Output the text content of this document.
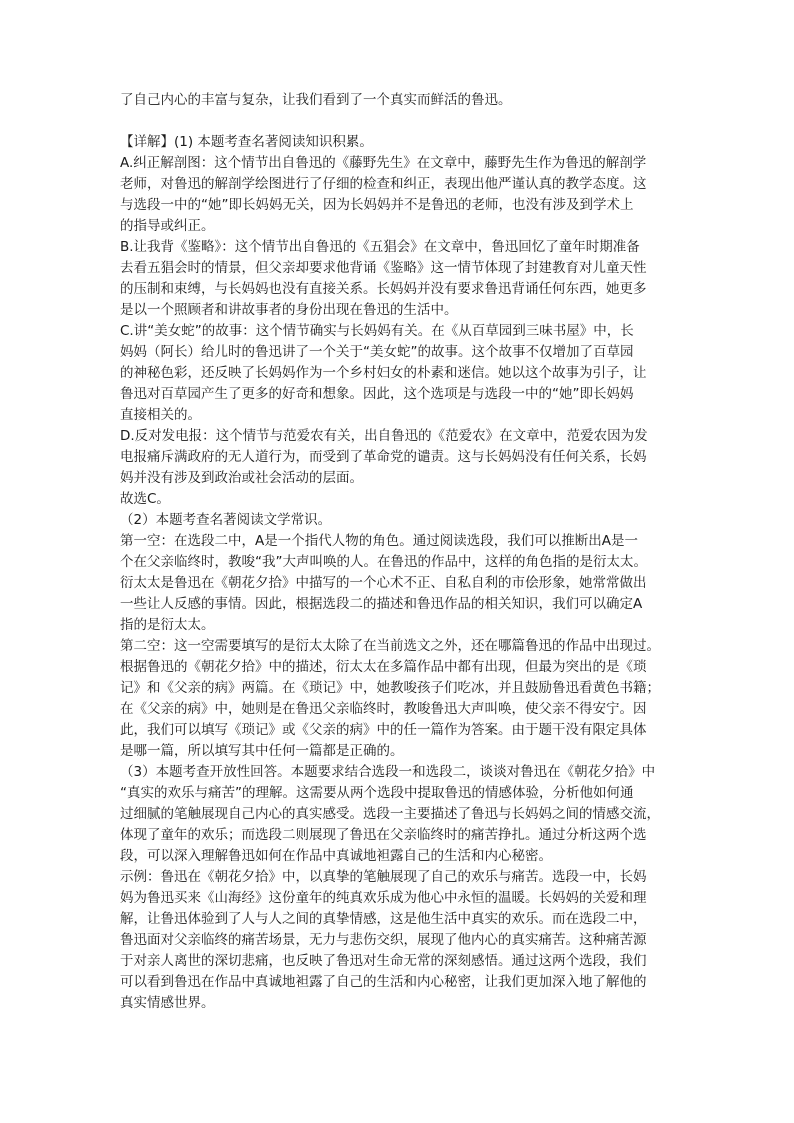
了自己内心的丰富与复杂，让我们看到了一个真实而鲜活的鲁迅。
【详解】(1) 本题考查名著阅读知识积累。
A.纠正解剖图：这个情节出自鲁迅的《藤野先生》在文章中，藤野先生作为鲁迅的解剖学
老师，对鲁迅的解剖学绘图进行了仔细的检查和纠正，表现出他严谨认真的教学态度。这
与选段一中的“她”即长妈妈无关，因为长妈妈并不是鲁迅的老师，也没有涉及到学术上
的指导或纠正。
B.让我背《鉴略》：这个情节出自鲁迅的《五猖会》在文章中，鲁迅回忆了童年时期准备
去看五猖会时的情景，但父亲却要求他背诵《鉴略》这一情节体现了封建教育对儿童天性
的压制和束缚，与长妈妈也没有直接关系。长妈妈并没有要求鲁迅背诵任何东西，她更多
是以一个照顾者和讲故事者的身份出现在鲁迅的生活中。
C.讲“美女蛇”的故事：这个情节确实与长妈妈有关。在《从百草园到三味书屋》中，长
妈妈（阿长）给儿时的鲁迅讲了一个关于“美女蛇”的故事。这个故事不仅增加了百草园
的神秘色彩，还反映了长妈妈作为一个乡村妇女的朴素和迷信。她以这个故事为引子，让
鲁迅对百草园产生了更多的好奇和想象。因此，这个选项是与选段一中的“她”即长妈妈
直接相关的。
D.反对发电报：这个情节与范爱农有关，出自鲁迅的《范爱农》在文章中，范爱农因为发
电报痛斥满政府的无人道行为，而受到了革命党的谴责。这与长妈妈没有任何关系，长妈
妈并没有涉及到政治或社会活动的层面。
故选C。
（2）本题考查名著阅读文学常识。
第一空：在选段二中，A是一个指代人物的角色。通过阅读选段，我们可以推断出A是一
个在父亲临终时，教唆“我”大声叫唤的人。在鲁迅的作品中，这样的角色指的是衍太太。
衍太太是鲁迅在《朝花夕拾》中描写的一个心术不正、自私自利的市侩形象，她常常做出
一些让人反感的事情。因此，根据选段二的描述和鲁迅作品的相关知识，我们可以确定A
指的是衍太太。
第二空：这一空需要填写的是衍太太除了在当前选文之外，还在哪篇鲁迅的作品中出现过。
根据鲁迅的《朝花夕拾》中的描述，衍太太在多篇作品中都有出现，但最为突出的是《琐
记》和《父亲的病》两篇。在《琐记》中，她教唆孩子们吃冰，并且鼓励鲁迅看黄色书籍；
在《父亲的病》中，她则是在鲁迅父亲临终时，教唆鲁迅大声叫唤，使父亲不得安宁。因
此，我们可以填写《琐记》或《父亲的病》中的任一篇作为答案。由于题干没有限定具体
是哪一篇，所以填写其中任何一篇都是正确的。
（3）本题考查开放性回答。本题要求结合选段一和选段二，谈谈对鲁迅在《朝花夕拾》中
“真实的欢乐与痛苦”的理解。这需要从两个选段中提取鲁迅的情感体验，分析他如何通
过细腻的笔触展现自己内心的真实感受。选段一主要描述了鲁迅与长妈妈之间的情感交流，
体现了童年的欢乐；而选段二则展现了鲁迅在父亲临终时的痛苦挣扎。通过分析这两个选
段，可以深入理解鲁迅如何在作品中真诚地袒露自己的生活和内心秘密。
示例：鲁迅在《朝花夕拾》中，以真挚的笔触展现了自己的欢乐与痛苦。选段一中，长妈
妈为鲁迅买来《山海经》这份童年的纯真欢乐成为他心中永恒的温暖。长妈妈的关爱和理
解，让鲁迅体验到了人与人之间的真挚情感，这是他生活中真实的欢乐。而在选段二中，
鲁迅面对父亲临终的痛苦场景，无力与悲伤交织，展现了他内心的真实痛苦。这种痛苦源
于对亲人离世的深切悲痛，也反映了鲁迅对生命无常的深刻感悟。通过这两个选段，我们
可以看到鲁迅在作品中真诚地袒露了自己的生活和内心秘密，让我们更加深入地了解他的
真实情感世界。
